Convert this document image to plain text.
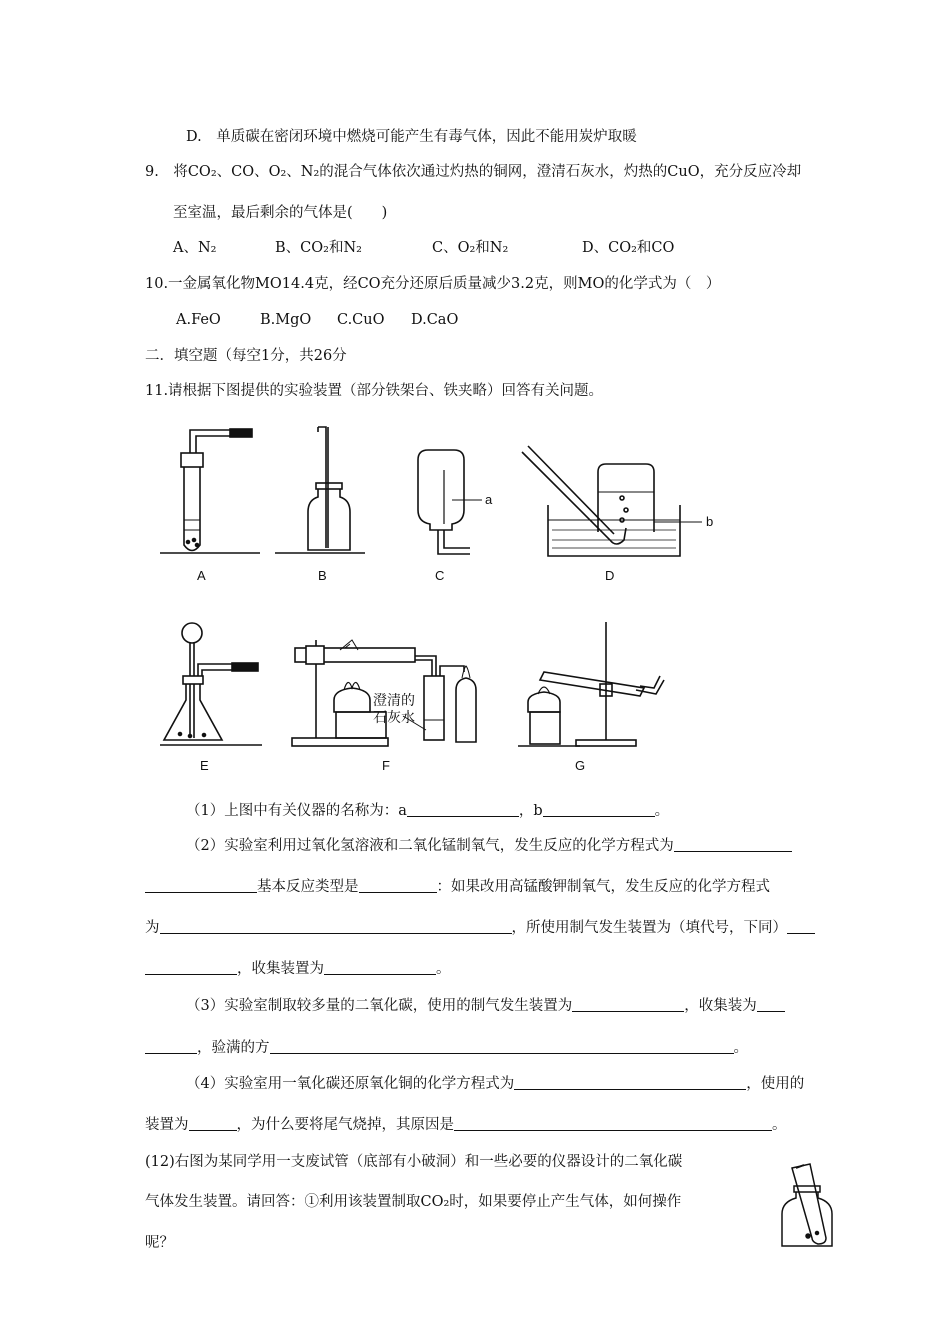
D.　单质碳在密闭环境中燃烧可能产生有毒气体，因此不能用炭炉取暖
9.　将CO₂、CO、O₂、N₂的混合气体依次通过灼热的铜网，澄清石灰水，灼热的CuO，充分反应冷却
至室温，最后剩余的气体是(　　)
A、N₂	B、CO₂和N₂	C、O₂和N₂	D、CO₂和CO
10.一金属氧化物MO14.4克，经CO充分还原后质量减少3.2克，则MO的化学式为（　）
A.FeO	B.MgO C.CuO D.CaO
二．填空题（每空1分，共26分
11.请根据下图提供的实验装置（部分铁架台、铁夹略）回答有关问题。
A	B	C	D
E	F	G
a
b
澄清的
石灰水
（1）上图中有关仪器的名称为：a	，b	。
（2）实验室利用过氧化氢溶液和二氧化锰制氧气，发生反应的化学方程式为
基本反应类型是	：如果改用高锰酸钾制氧气，发生反应的化学方程式
为	，所使用制气发生装置为（填代号，下同）
，收集装置为	。
（3）实验室制取较多量的二氧化碳，使用的制气发生装置为	，收集装为
，验满的方	。
（4）实验室用一氧化碳还原氧化铜的化学方程式为	，使用的
装置为	，为什么要将尾气烧掉，其原因是	。
(12)右图为某同学用一支废试管（底部有小破洞）和一些必要的仪器设计的二氧化碳
气体发生装置。请回答：①利用该装置制取CO₂时，如果要停止产生气体，如何操作
呢？
